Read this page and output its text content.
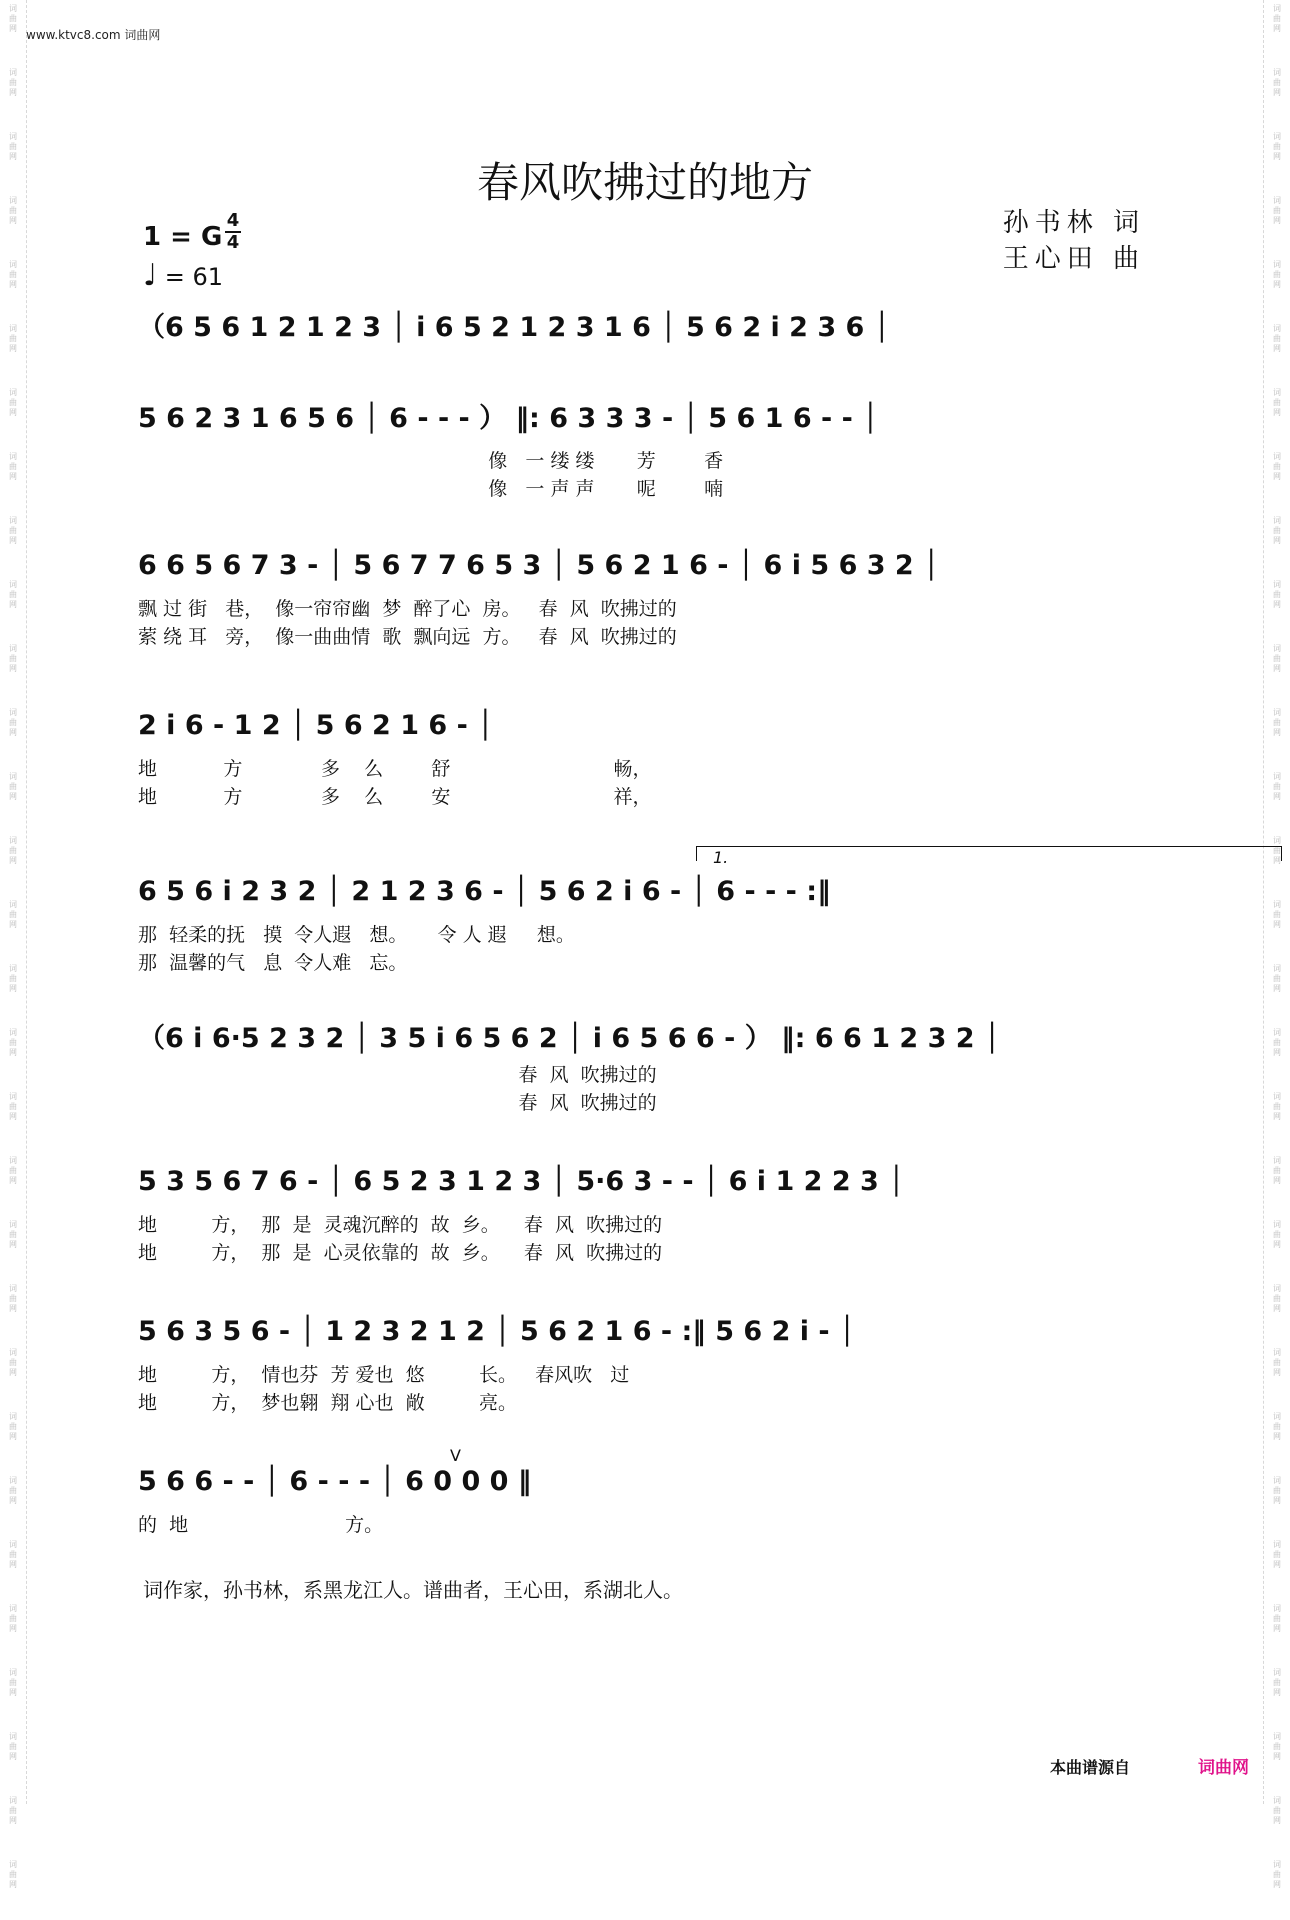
词
曲
网
词
曲
网
词
曲
网
词
曲
网
词
曲
网
词
曲
网
词
曲
网
词
曲
网
词
曲
网
词
曲
网
词
曲
网
词
曲
网
词
曲
网
词
曲
网
词
曲
网
词
曲
网
词
曲
网
词
曲
网
词
曲
网
词
曲
网
词
曲
网
词
曲
网
词
曲
网
词
曲
网
词
曲
网
词
曲
网
词
曲
网
词
曲
网
词
曲
网
词
曲
网
词
曲
网
词
曲
网
词
曲
网
词
曲
网
词
曲
网
词
曲
网
词
曲
网
词
曲
网
词
曲
网
词
曲
网
词
曲
网
词
曲
网
词
曲
网
词
曲
网
词
曲
网
词
曲
网
词
曲
网
词
曲
网
词
曲
网
词
曲
网
词
曲
网
词
曲
网
词
曲
网
词
曲
网
词
曲
网
词
曲
网
词
曲
网
词
曲
网
词
曲
网
词
曲
网
www.ktvc8.com 词曲网
春风吹拂过的地方
孙书林 词
王心田 曲
1 = G
4
4
♩ = 61
（6 5 6 1 2 1 2 3 │ i 6 5 2 1 2 3 1 6 │ 5 6 2 i 2 3 6 │
5 6 2 3 1 6 5 6 │ 6 - - - ） ‖: 6 3 3 3 - │ 5 6 1 6 - - │
像   一 缕 缕       芳        香
像   一 声 声       呢        喃
6 6 5 6 7 3 - │ 5 6 7 7 6 5 3 │ 5 6 2 1 6 - │ 6 i 5 6 3 2 │
飘 过 街   巷，  像一帘帘幽  梦  醉了心  房。   春  风  吹拂过的
萦 绕 耳   旁，  像一曲曲情  歌  飘向远  方。   春  风  吹拂过的
2 i 6 - 1 2 │ 5 6 2 1 6 - │
地           方             多    么        舒                           畅，
地           方             多    么        安                           祥，
1.
6 5 6 i 2 3 2 │ 2 1 2 3 6 - │ 5 6 2 i 6 - │ 6 - - - :‖
那  轻柔的抚   摸  令人遐   想。     令 人 遐     想。
那  温馨的气   息  令人难   忘。
（6 i 6·5 2 3 2 │ 3 5 i 6 5 6 2 │ i 6 5 6 6 - ） ‖: 6 6 1 2 3 2 │
春  风  吹拂过的
春  风  吹拂过的
5 3 5 6 7 6 - │ 6 5 2 3 1 2 3 │ 5·6 3 - - │ 6 i 1 2 2 3 │
地         方，  那  是  灵魂沉醉的  故  乡。    春  风  吹拂过的
地         方，  那  是  心灵依靠的  故  乡。    春  风  吹拂过的
5 6 3 5 6 - │ 1 2 3 2 1 2 │ 5 6 2 1 6 - :‖ 5 6 2 i - │
地         方，  情也芬  芳 爱也  悠         长。   春风吹   过
地         方，  梦也翱  翔 心也  敞         亮。
V
5 6 6 - - │ 6 - - - │ 6 0 0 0 ‖
的  地                          方。
词作家，孙书林，系黑龙江人。谱曲者，王心田，系湖北人。
本曲谱源自	词曲网
